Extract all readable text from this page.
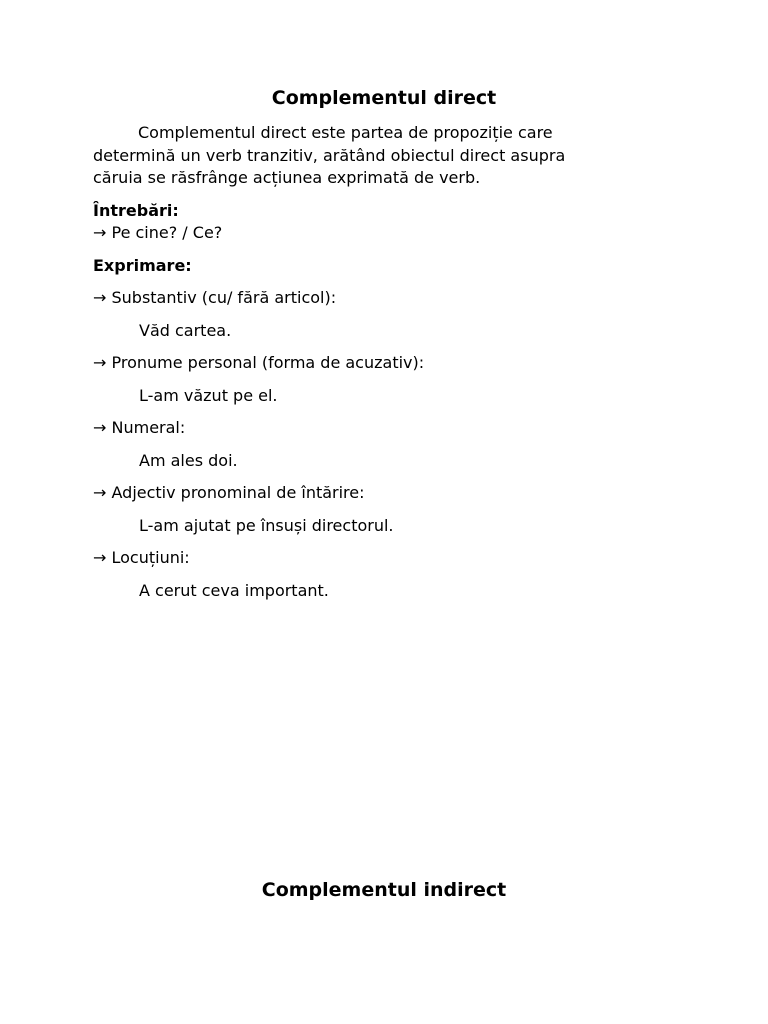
Complementul direct
Complementul direct este partea de propoziție care
determină un verb tranzitiv, arătând obiectul direct asupra
căruia se răsfrânge acțiunea exprimată de verb.
Întrebări:
→ Pe cine? / Ce?
Exprimare:
→ Substantiv (cu/ fără articol):
Văd cartea.
→ Pronume personal (forma de acuzativ):
L-am văzut pe el.
→ Numeral:
Am ales doi.
→ Adjectiv pronominal de întărire:
L-am ajutat pe însuși directorul.
→ Locuțiuni:
A cerut ceva important.
Complementul indirect
